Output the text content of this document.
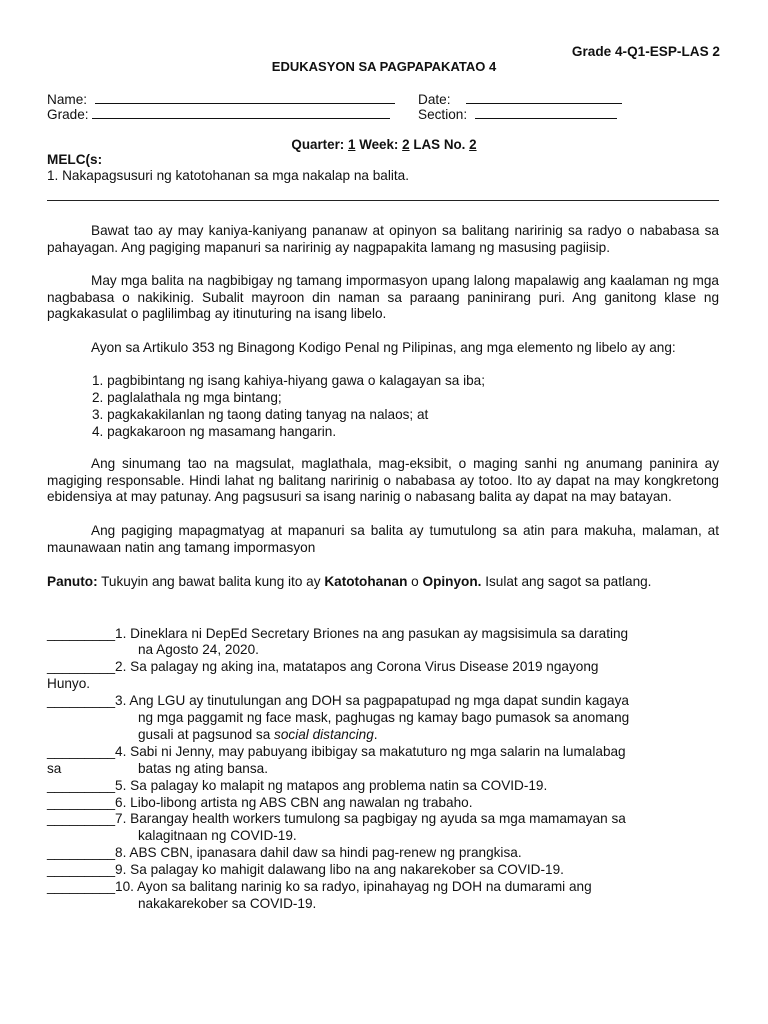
Grade 4-Q1-ESP-LAS 2
EDUKASYON SA PAGPAPAKATAO 4
Name:
Grade:
Date:
Section:
Quarter: 1 Week: 2 LAS No. 2
MELC(s:
1. Nakapagsusuri ng katotohanan sa mga nakalap na balita.
Bawat tao ay may kaniya-kaniyang pananaw at opinyon sa balitang naririnig sa radyo o nababasa sa pahayagan. Ang pagiging mapanuri sa naririnig ay nagpapakita lamang ng masusing pagiisip.
May mga balita na nagbibigay ng tamang impormasyon upang lalong mapalawig ang kaalaman ng mga nagbabasa o nakikinig. Subalit mayroon din naman sa paraang paninirang puri. Ang ganitong klase ng pagkakasulat o paglilimbag ay itinuturing na isang libelo.
Ayon sa Artikulo 353 ng Binagong Kodigo Penal ng Pilipinas, ang mga elemento ng libelo ay ang:
1. pagbibintang ng isang kahiya-hiyang gawa o kalagayan sa iba;
2. paglalathala ng mga bintang;
3. pagkakakilanlan ng taong dating tanyag na nalaos; at
4. pagkakaroon ng masamang hangarin.
Ang sinumang tao na magsulat, maglathala, mag-eksibit, o maging sanhi ng anumang paninira ay magiging responsable. Hindi lahat ng balitang naririnig o nababasa ay totoo. Ito ay dapat na may kongkretong ebidensiya at may patunay. Ang pagsusuri sa isang narinig o nabasang balita ay dapat na may batayan.
Ang pagiging mapagmatyag at mapanuri sa balita ay tumutulong sa atin para makuha, malaman, at maunawaan natin ang tamang impormasyon
Panuto: Tukuyin ang bawat balita kung ito ay Katotohanan o Opinyon. Isulat ang sagot sa patlang.
_________1. Dineklara ni DepEd Secretary Briones na ang pasukan ay magsisimula sa darating
na Agosto 24, 2020.
_________2. Sa palagay ng aking ina, matatapos ang Corona Virus Disease 2019 ngayong
Hunyo.
_________3. Ang LGU ay tinutulungan ang DOH sa pagpapatupad ng mga dapat sundin kagaya
ng mga paggamit ng face mask, paghugas ng kamay bago pumasok sa anomang
gusali at pagsunod sa social distancing.
_________4. Sabi ni Jenny, may pabuyang ibibigay sa makatuturo ng mga salarin na lumalabag
sa	batas ng ating bansa.
_________5. Sa palagay ko malapit ng matapos ang problema natin sa COVID-19.
_________6. Libo-libong artista ng ABS CBN ang nawalan ng trabaho.
_________7. Barangay health workers tumulong sa pagbigay ng ayuda sa mga mamamayan sa
kalagitnaan ng COVID-19.
_________8. ABS CBN, ipanasara dahil daw sa hindi pag-renew ng prangkisa.
_________9. Sa palagay ko mahigit dalawang libo na ang nakarekober sa COVID-19.
_________10. Ayon sa balitang narinig ko sa radyo, ipinahayag ng DOH na dumarami ang
nakakarekober sa COVID-19.
